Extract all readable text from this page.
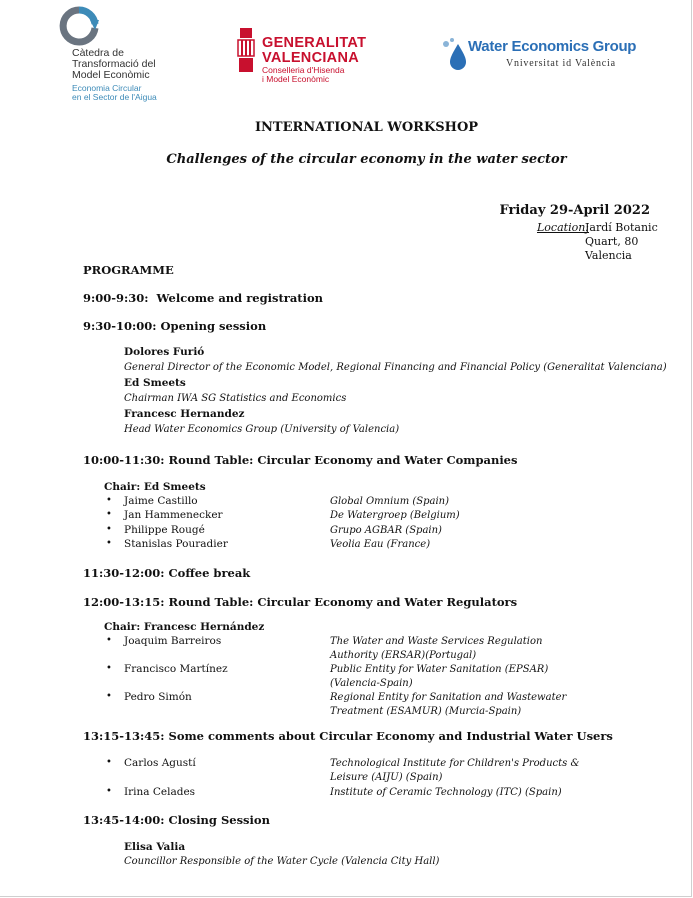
Càtedra de
Transformació del
Model Econòmic
Economia Circular
en el Sector de l'Aigua
GENERALITAT
VALENCIANA
Conselleria d'Hisenda
i Model Econòmic
Water Economics Group
Vniversitat id València
INTERNATIONAL WORKSHOP
Challenges of the circular economy in the water sector
Friday 29-April 2022
Location:
Jardí Botanic
Quart, 80
Valencia
PROGRAMME
9:00-9:30:  Welcome and registration
9:30-10:00: Opening session
Dolores Furió
General Director of the Economic Model, Regional Financing and Financial Policy (Generalitat Valenciana)
Ed Smeets
Chairman IWA SG Statistics and Economics
Francesc Hernandez
Head Water Economics Group (University of Valencia)
10:00-11:30: Round Table: Circular Economy and Water Companies
Chair: Ed Smeets
• Jaime Castillo	Global Omnium (Spain)
• Jan Hammenecker	De Watergroep (Belgium)
• Philippe Rougé	Grupo AGBAR (Spain)
• Stanislas Pouradier	Veolia Eau (France)
11:30-12:00: Coffee break
12:00-13:15: Round Table: Circular Economy and Water Regulators
Chair: Francesc Hernández
• Joaquim Barreiros	The Water and Waste Services Regulation
Authority (ERSAR)(Portugal)
• Francisco Martínez	Public Entity for Water Sanitation (EPSAR)
(Valencia-Spain)
• Pedro Simón	Regional Entity for Sanitation and Wastewater
Treatment (ESAMUR) (Murcia-Spain)
13:15-13:45: Some comments about Circular Economy and Industrial Water Users
• Carlos Agustí	Technological Institute for Children's Products &
Leisure (AIJU) (Spain)
• Irina Celades	Institute of Ceramic Technology (ITC) (Spain)
13:45-14:00: Closing Session
Elisa Valia
Councillor Responsible of the Water Cycle (Valencia City Hall)
